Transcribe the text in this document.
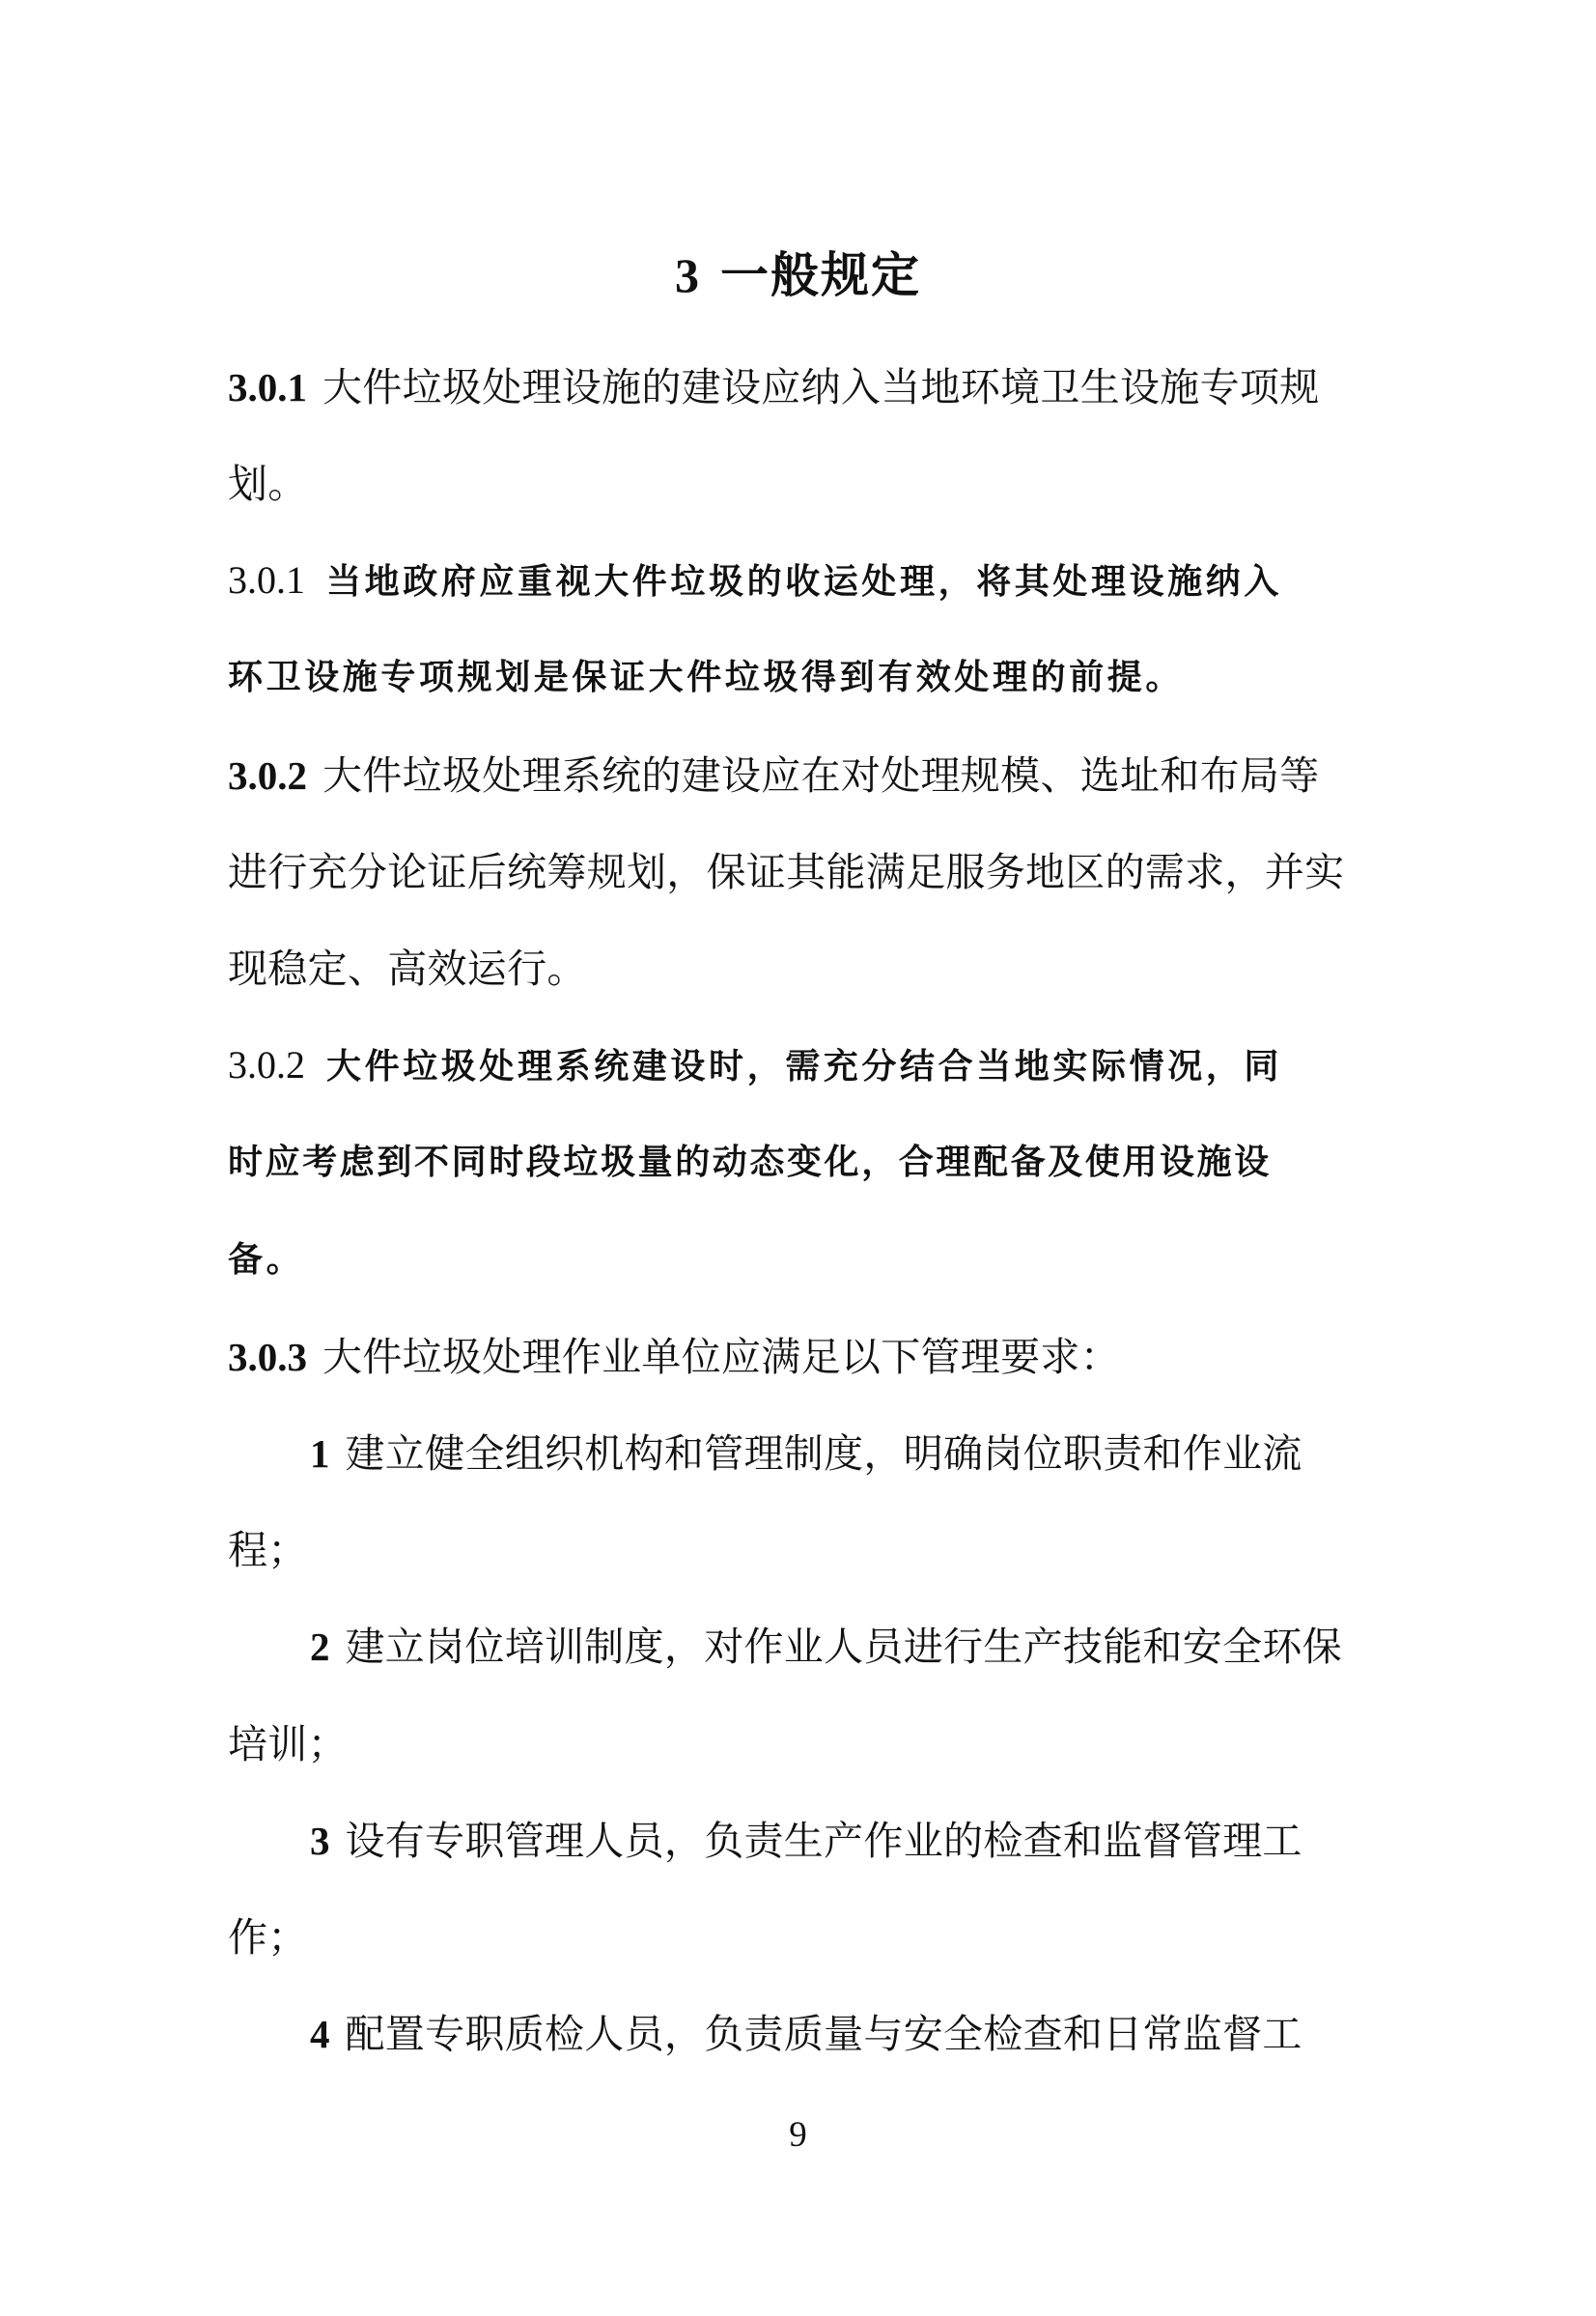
3 一般规定
3.0.1 大件垃圾处理设施的建设应纳入当地环境卫生设施专项规
划。
3.0.1 当地政府应重视大件垃圾的收运处理，将其处理设施纳入
环卫设施专项规划是保证大件垃圾得到有效处理的前提。
3.0.2 大件垃圾处理系统的建设应在对处理规模、选址和布局等
进行充分论证后统筹规划，保证其能满足服务地区的需求，并实
现稳定、高效运行。
3.0.2 大件垃圾处理系统建设时，需充分结合当地实际情况，同
时应考虑到不同时段垃圾量的动态变化，合理配备及使用设施设
备。
3.0.3 大件垃圾处理作业单位应满足以下管理要求：
1 建立健全组织机构和管理制度，明确岗位职责和作业流
程；
2 建立岗位培训制度，对作业人员进行生产技能和安全环保
培训；
3 设有专职管理人员，负责生产作业的检查和监督管理工
作；
4 配置专职质检人员，负责质量与安全检查和日常监督工
9
